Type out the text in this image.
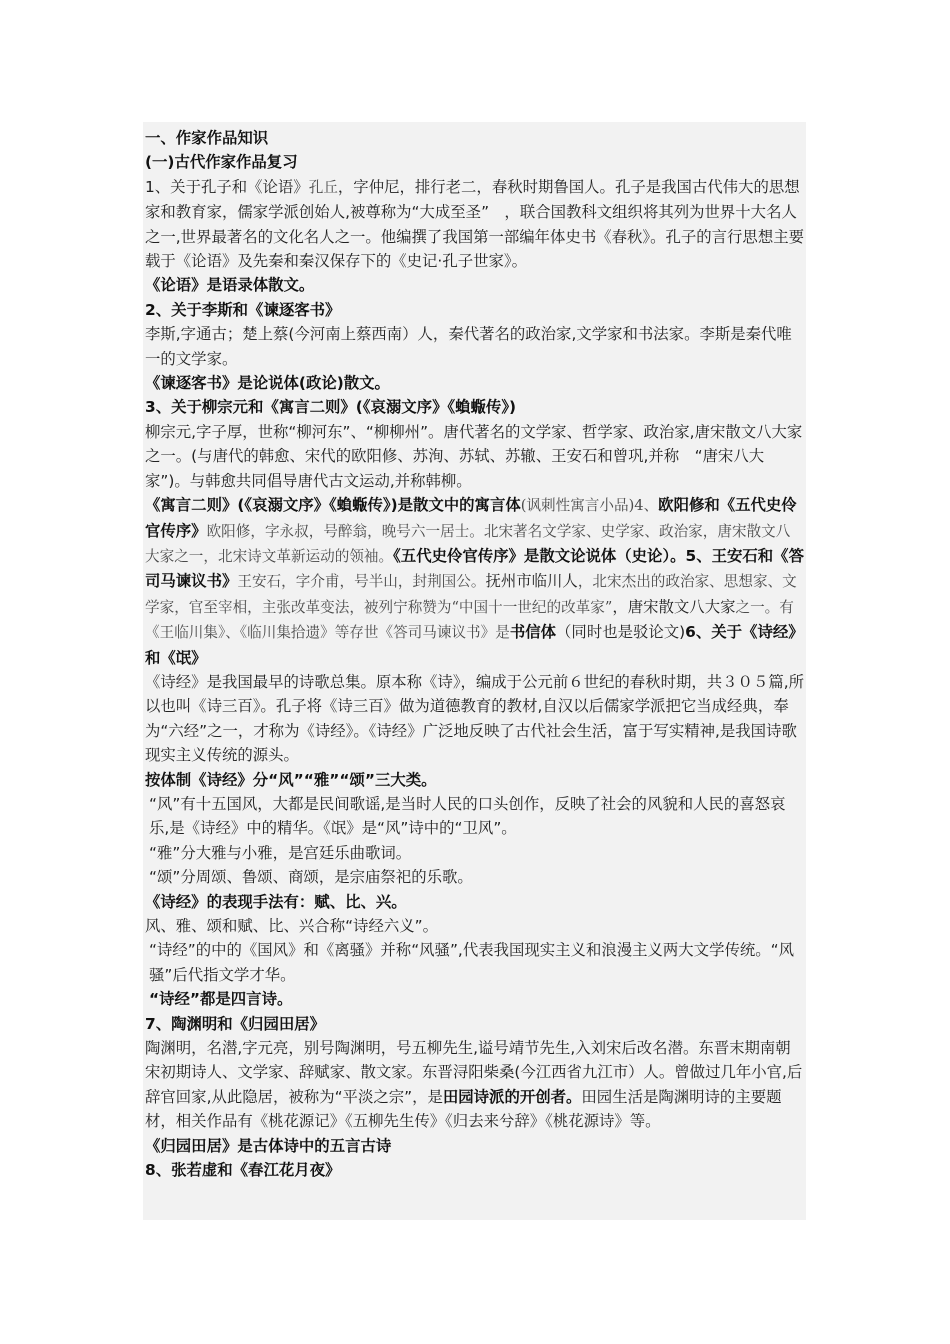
一、作家作品知识

(一)古代作家作品复习

1、关于孔子和《论语》孔丘，字仲尼，排行老二，春秋时期鲁国人。孔子是我国古代伟大的思想家和教育家，儒家学派创始人,被尊称为“大成至圣”　，联合国教科文组织将其列为世界十大名人之一,世界最著名的文化名人之一。他编撰了我国第一部编年体史书《春秋》。孔子的言行思想主要载于《论语》及先秦和秦汉保存下的《史记·孔子世家》。

《论语》是语录体散文。

2、关于李斯和《谏逐客书》

李斯,字通古；楚上蔡(今河南上蔡西南）人，秦代著名的政治家,文学家和书法家。李斯是秦代唯一的文学家。

《谏逐客书》是论说体(政论)散文。

3、关于柳宗元和《寓言二则》(《哀溺文序》《蝜蝂传》)

柳宗元,字子厚，世称“柳河东”、“柳柳州”。唐代著名的文学家、哲学家、政治家,唐宋散文八大家之一。(与唐代的韩愈、宋代的欧阳修、苏洵、苏轼、苏辙、王安石和曾巩,并称　“唐宋八大家”)。与韩愈共同倡导唐代古文运动,并称韩柳。

《寓言二则》(《哀溺文序》《蝜蝂传》)是散文中的寓言体(讽刺性寓言小品)4、欧阳修和《五代史伶官传序》欧阳修，字永叔，号醉翁，晚号六一居士。北宋著名文学家、史学家、政治家，唐宋散文八大家之一，北宋诗文革新运动的领袖。《五代史伶官传序》是散文论说体（史论）。5、王安石和《答司马谏议书》王安石，字介甫，号半山，封荆国公。抚州市临川人，北宋杰出的政治家、思想家、文学家，官至宰相，主张改革变法，被列宁称赞为“中国十一世纪的改革家”，唐宋散文八大家之一。有《王临川集》、《临川集拾遗》等存世《答司马谏议书》是书信体（同时也是驳论文)6、关于《诗经》和《氓》

《诗经》是我国最早的诗歌总集。原本称《诗》，编成于公元前６世纪的春秋时期，共３０５篇,所以也叫《诗三百》。孔子将《诗三百》做为道德教育的教材,自汉以后儒家学派把它当成经典，奉为“六经”之一，才称为《诗经》。《诗经》广泛地反映了古代社会生活，富于写实精神,是我国诗歌现实主义传统的源头。

按体制《诗经》分“风”“雅”“颂”三大类。

“风”有十五国风，大都是民间歌谣,是当时人民的口头创作，反映了社会的风貌和人民的喜怒哀乐,是《诗经》中的精华。《氓》是“风”诗中的“卫风”。

“雅”分大雅与小雅，是宫廷乐曲歌词。

“颂”分周颂、鲁颂、商颂，是宗庙祭祀的乐歌。

《诗经》的表现手法有：赋、比、兴。

风、雅、颂和赋、比、兴合称“诗经六义”。

“诗经”的中的《国风》和《离骚》并称“风骚”,代表我国现实主义和浪漫主义两大文学传统。“风骚”后代指文学才华。

“诗经”都是四言诗。

7、陶渊明和《归园田居》

陶渊明，名潜,字元亮，别号陶渊明，号五柳先生,谥号靖节先生,入刘宋后改名潜。东晋末期南朝宋初期诗人、文学家、辞赋家、散文家。东晋浔阳柴桑(今江西省九江市）人。曾做过几年小官,后辞官回家,从此隐居，被称为“平淡之宗”，是田园诗派的开创者。田园生活是陶渊明诗的主要题材，相关作品有《桃花源记》《五柳先生传》《归去来兮辞》《桃花源诗》等。

《归园田居》是古体诗中的五言古诗

8、张若虚和《春江花月夜》
